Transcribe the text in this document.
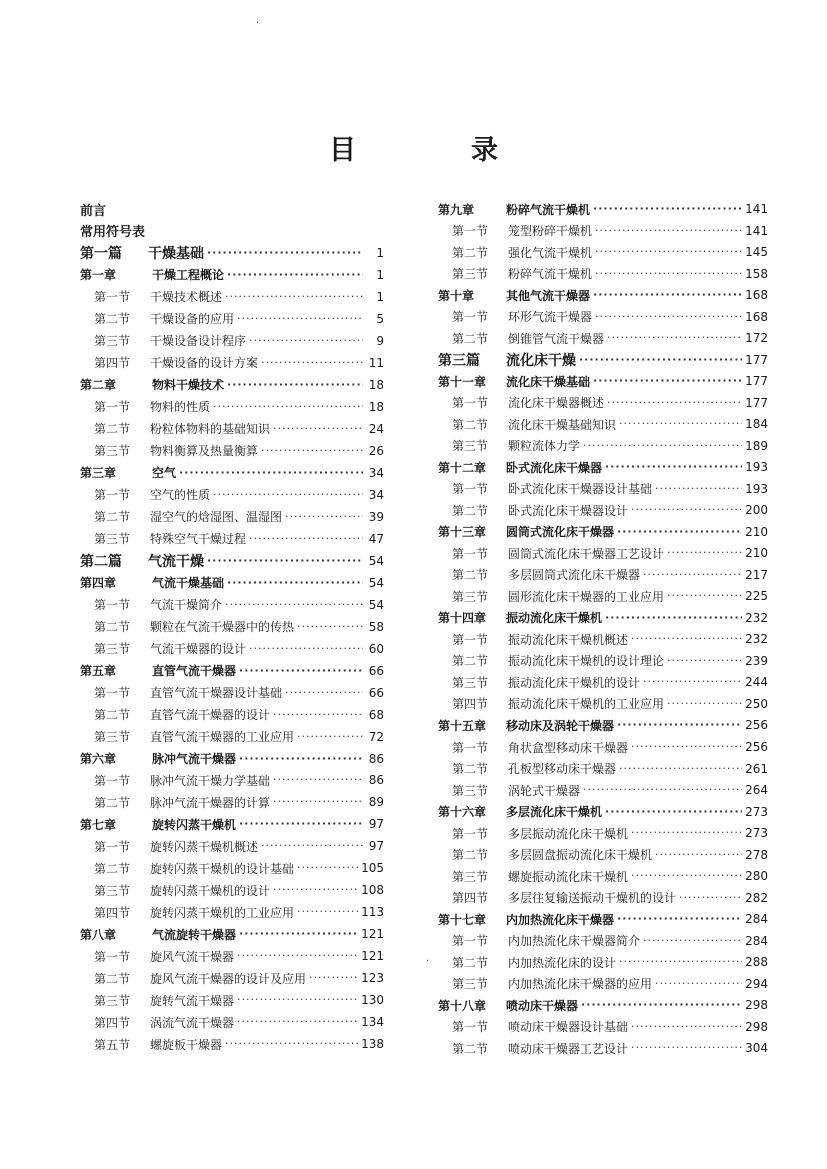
·
目　录
前言
常用符号表
第一篇	干燥基础 ·····	1
第一章	干燥工程概论 ·····	1
第一节	干燥技术概述 ·····	1
第二节	干燥设备的应用 ·····	5
第三节	干燥设备设计程序 ·····	9
第四节	干燥设备的设计方案 ·····	11
第二章	物料干燥技术 ·····	18
第一节	物料的性质 ·····	18
第二节	粉粒体物料的基础知识 ·····	24
第三节	物料衡算及热量衡算 ·····	26
第三章	空气 ·····	34
第一节	空气的性质 ·····	34
第二节	湿空气的焓湿图、温湿图 ·····	39
第三节	特殊空气干燥过程 ·····	47
第二篇	气流干燥 ·····	54
第四章	气流干燥基础 ·····	54
第一节	气流干燥简介 ·····	54
第二节	颗粒在气流干燥器中的传热 ·····	58
第三节	气流干燥器的设计 ·····	60
第五章	直管气流干燥器 ·····	66
第一节	直管气流干燥器设计基础 ·····	66
第二节	直管气流干燥器的设计 ·····	68
第三节	直管气流干燥器的工业应用 ·····	72
第六章	脉冲气流干燥器 ·····	86
第一节	脉冲气流干燥力学基础 ·····	86
第二节	脉冲气流干燥器的计算 ·····	89
第七章	旋转闪蒸干燥机 ·····	97
第一节	旋转闪蒸干燥机概述 ·····	97
第二节	旋转闪蒸干燥机的设计基础 ·····	105
第三节	旋转闪蒸干燥机的设计 ·····	108
第四节	旋转闪蒸干燥机的工业应用 ·····	113
第八章	气流旋转干燥器 ·····	121
第一节	旋风气流干燥器 ·····	121
第二节	旋风气流干燥器的设计及应用 ·····	123
第三节	旋转气流干燥器 ·····	130
第四节	涡流气流干燥器 ·····	134
第五节	螺旋板干燥器 ·····	138
第九章	粉碎气流干燥机 ·····	141
第一节	笼型粉碎干燥机 ·····	141
第二节	强化气流干燥机 ·····	145
第三节	粉碎气流干燥机 ·····	158
第十章	其他气流干燥器 ·····	168
第一节	环形气流干燥器 ·····	168
第二节	倒锥管气流干燥器 ·····	172
第三篇	流化床干燥 ·····	177
第十一章	流化床干燥基础 ·····	177
第一节	流化床干燥器概述 ·····	177
第二节	流化床干燥基础知识 ·····	184
第三节	颗粒流体力学 ·····	189
第十二章	卧式流化床干燥器 ·····	193
第一节	卧式流化床干燥器设计基础 ·····	193
第二节	卧式流化床干燥器设计 ·····	200
第十三章	圆筒式流化床干燥器 ·····	210
第一节	圆筒式流化床干燥器工艺设计 ·····	210
第二节	多层圆筒式流化床干燥器 ·····	217
第三节	圆形流化床干燥器的工业应用 ·····	225
第十四章	振动流化床干燥机 ·····	232
第一节	振动流化床干燥机概述 ·····	232
第二节	振动流化床干燥机的设计理论 ·····	239
第三节	振动流化床干燥机的设计 ·····	244
第四节	振动流化床干燥机的工业应用 ·····	250
第十五章	移动床及涡轮干燥器 ·····	256
第一节	角状盒型移动床干燥器 ·····	256
第二节	孔板型移动床干燥器 ·····	261
第三节	涡轮式干燥器 ·····	264
第十六章	多层流化床干燥机 ·····	273
第一节	多层振动流化床干燥机 ·····	273
第二节	多层圆盘振动流化床干燥机 ·····	278
第三节	螺旋振动流化床干燥机 ·····	280
第四节	多层往复输送振动干燥机的设计 ·····	282
第十七章	内加热流化床干燥器 ·····	284
第一节	内加热流化床干燥器简介 ·····	284
第二节	内加热流化床的设计 ·····	288
第三节	内加热流化床干燥器的应用 ·····	294
第十八章	喷动床干燥器 ·····	298
第一节	喷动床干燥器设计基础 ·····	298
第二节	喷动床干燥器工艺设计 ·····	304
·
